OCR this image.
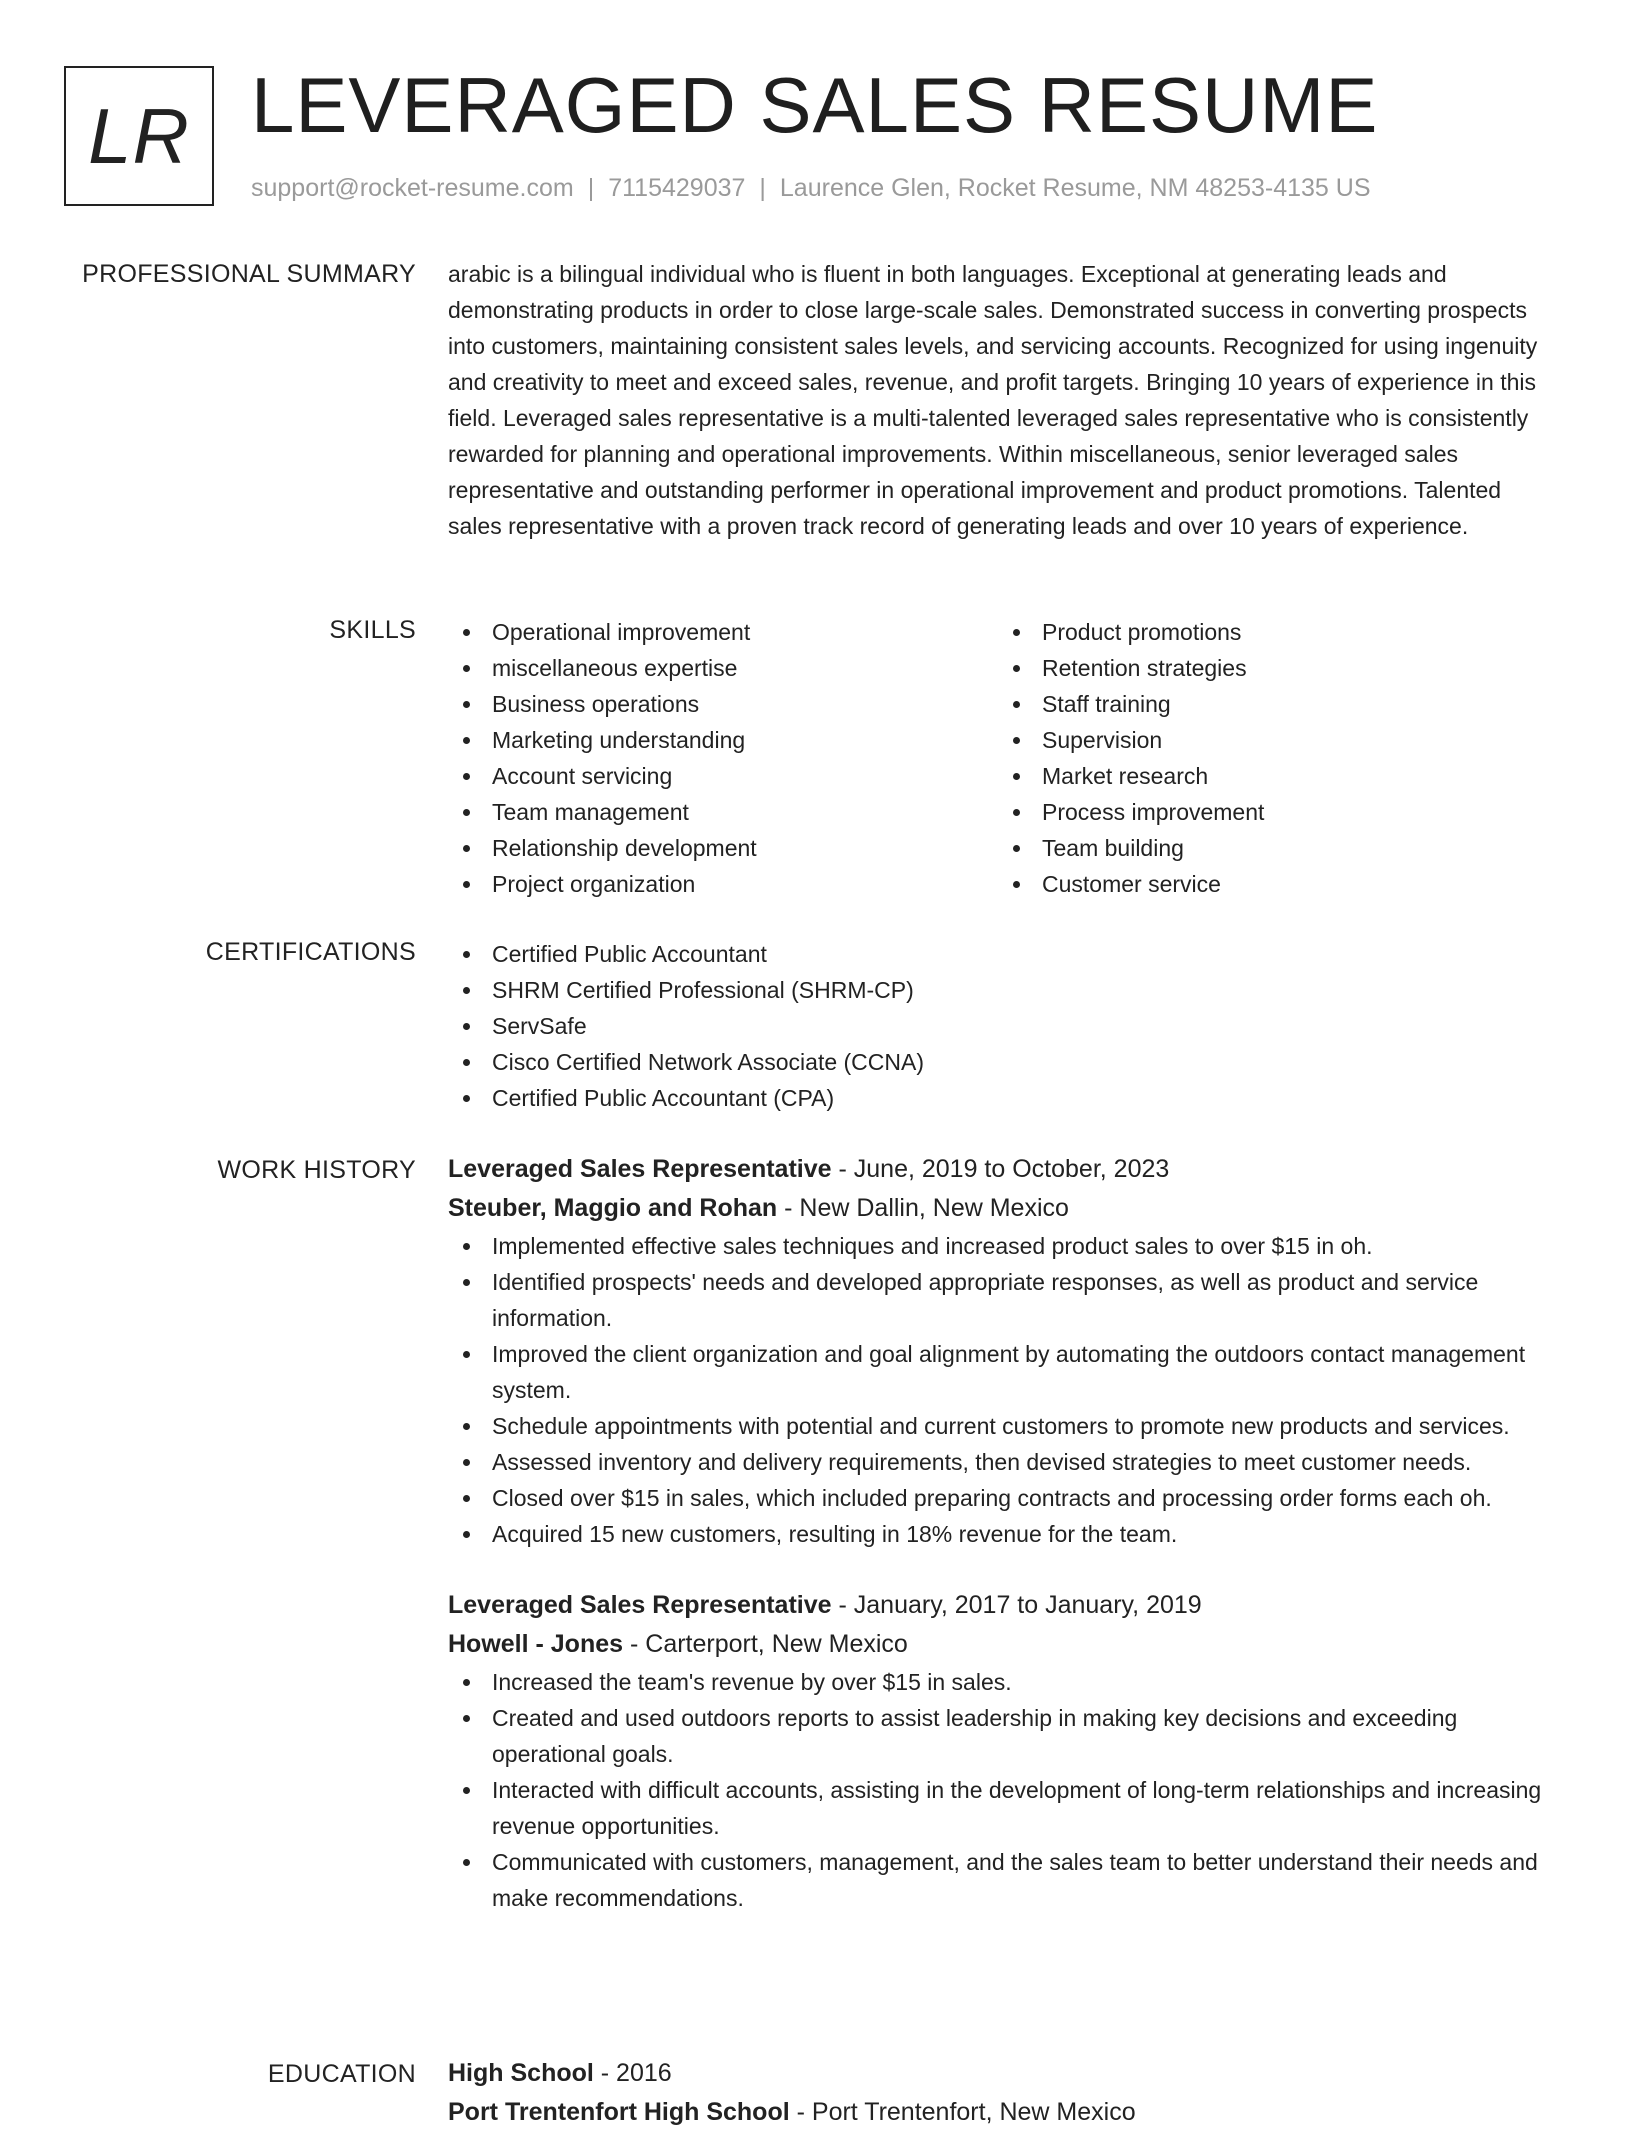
LR LEVERAGED SALES RESUME
support@rocket-resume.com | 7115429037 | Laurence Glen, Rocket Resume, NM 48253-4135 US
PROFESSIONAL SUMMARY arabic is a bilingual individual who is fluent in both languages. Exceptional at generating leads and demonstrating products in order to close large-scale sales. Demonstrated success in converting prospects into customers, maintaining consistent sales levels, and servicing accounts. Recognized for using ingenuity and creativity to meet and exceed sales, revenue, and profit targets. Bringing 10 years of experience in this field. Leveraged sales representative is a multi-talented leveraged sales representative who is consistently rewarded for planning and operational improvements. Within miscellaneous, senior leveraged sales representative and outstanding performer in operational improvement and product promotions. Talented sales representative with a proven track record of generating leads and over 10 years of experience.

SKILLS	Operational improvement
miscellaneous expertise
Business operations
Marketing understanding
Account servicing
Team management
Relationship development
Project organization
Product promotions
Retention strategies
Staff training
Supervision
Market research
Process improvement
Team building
Customer service
CERTIFICATIONS	Certified Public Accountant
SHRM Certified Professional (SHRM-CP)
ServSafe
Cisco Certified Network Associate (CCNA)
Certified Public Accountant (CPA)
WORK HISTORY Leveraged Sales Representative - June, 2019 to October, 2023
Steuber, Maggio and Rohan - New Dallin, New Mexico
Implemented effective sales techniques and increased product sales to over $15 in oh.
Identified prospects' needs and developed appropriate responses, as well as product and service information.
Improved the client organization and goal alignment by automating the outdoors contact management system.
Schedule appointments with potential and current customers to promote new products and services.
Assessed inventory and delivery requirements, then devised strategies to meet customer needs.
Closed over $15 in sales, which included preparing contracts and processing order forms each oh.
Acquired 15 new customers, resulting in 18% revenue for the team.
Leveraged Sales Representative - January, 2017 to January, 2019
Howell - Jones - Carterport, New Mexico
Increased the team's revenue by over $15 in sales.
Created and used outdoors reports to assist leadership in making key decisions and exceeding operational goals.
Interacted with difficult accounts, assisting in the development of long-term relationships and increasing revenue opportunities.
Communicated with customers, management, and the sales team to better understand their needs and make recommendations.
EDUCATION High School - 2016
Port Trentenfort High School - Port Trentenfort, New Mexico
